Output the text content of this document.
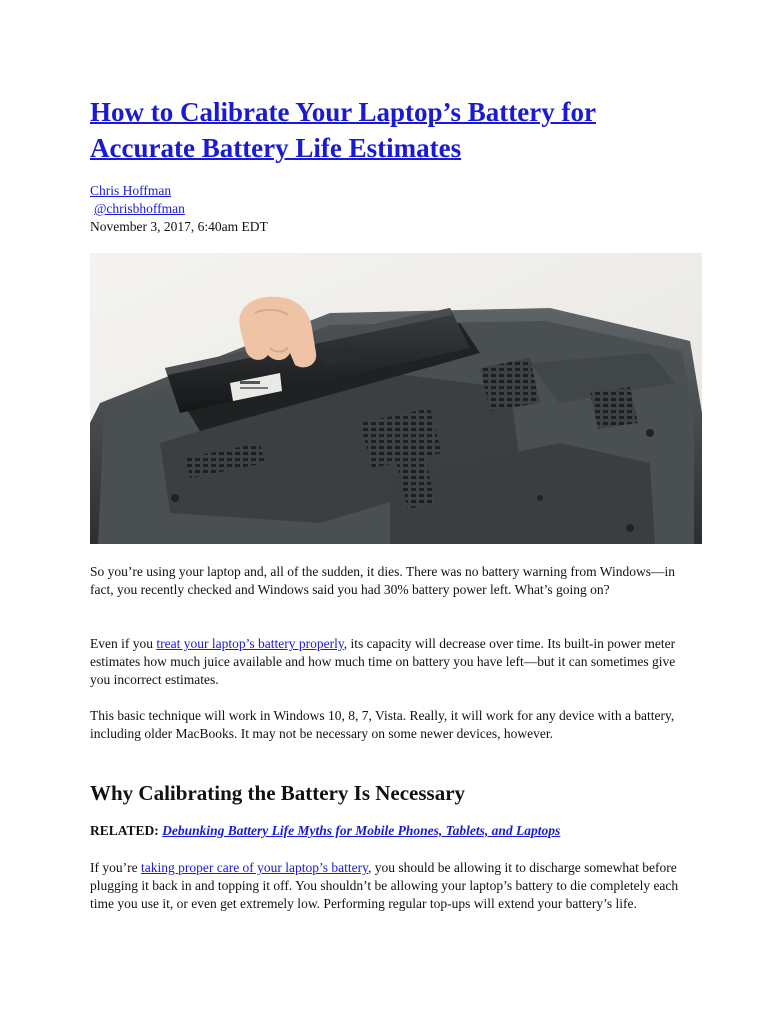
How to Calibrate Your Laptop’s Battery for Accurate Battery Life Estimates
Chris Hoffman
@chrisbhoffman
November 3, 2017, 6:40am EDT

So you’re using your laptop and, all of the sudden, it dies. There was no battery warning from Windows—in fact, you recently checked and Windows said you had 30% battery power left. What’s going on?

Even if you treat your laptop’s battery properly, its capacity will decrease over time. Its built-in power meter estimates how much juice available and how much time on battery you have left—but it can sometimes give you incorrect estimates.

This basic technique will work in Windows 10, 8, 7, Vista. Really, it will work for any device with a battery, including older MacBooks. It may not be necessary on some newer devices, however.

Why Calibrating the Battery Is Necessary
RELATED: Debunking Battery Life Myths for Mobile Phones, Tablets, and Laptops

If you’re taking proper care of your laptop’s battery, you should be allowing it to discharge somewhat before plugging it back in and topping it off. You shouldn’t be allowing your laptop’s battery to die completely each time you use it, or even get extremely low. Performing regular top-ups will extend your battery’s life.
